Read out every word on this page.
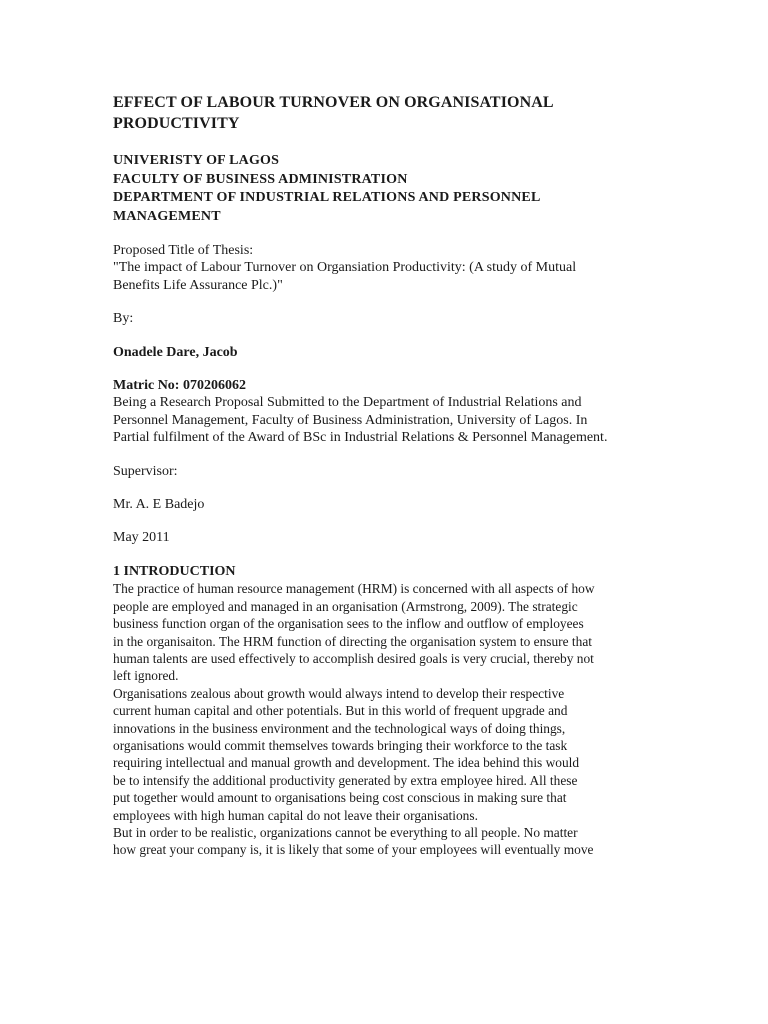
EFFECT OF LABOUR TURNOVER ON ORGANISATIONAL
PRODUCTIVITY
UNIVERISTY OF LAGOS
FACULTY OF BUSINESS ADMINISTRATION
DEPARTMENT OF INDUSTRIAL RELATIONS AND PERSONNEL
MANAGEMENT

Proposed Title of Thesis:

"The impact of Labour Turnover on Organsiation Productivity: (A study of Mutual

Benefits Life Assurance Plc.)"

By:

Onadele Dare, Jacob

Matric No: 070206062

Being a Research Proposal Submitted to the Department of Industrial Relations and
Personnel Management, Faculty of Business Administration, University of Lagos. In
Partial fulfilment of the Award of BSc in Industrial Relations & Personnel Management.

Supervisor:

Mr. A. E Badejo

May 2011

1 INTRODUCTION
The practice of human resource management (HRM) is concerned with all aspects of how
people are employed and managed in an organisation (Armstrong, 2009). The strategic
business function organ of the organisation sees to the inflow and outflow of employees
in the organisaiton. The HRM function of directing the organisation system to ensure that
human talents are used effectively to accomplish desired goals is very crucial, thereby not
left ignored.
Organisations zealous about growth would always intend to develop their respective
current human capital and other potentials. But in this world of frequent upgrade and
innovations in the business environment and the technological ways of doing things,
organisations would commit themselves towards bringing their workforce to the task
requiring intellectual and manual growth and development. The idea behind this would
be to intensify the additional productivity generated by extra employee hired. All these
put together would amount to organisations being cost conscious in making sure that
employees with high human capital do not leave their organisations.
But in order to be realistic, organizations cannot be everything to all people. No matter
how great your company is, it is likely that some of your employees will eventually move
